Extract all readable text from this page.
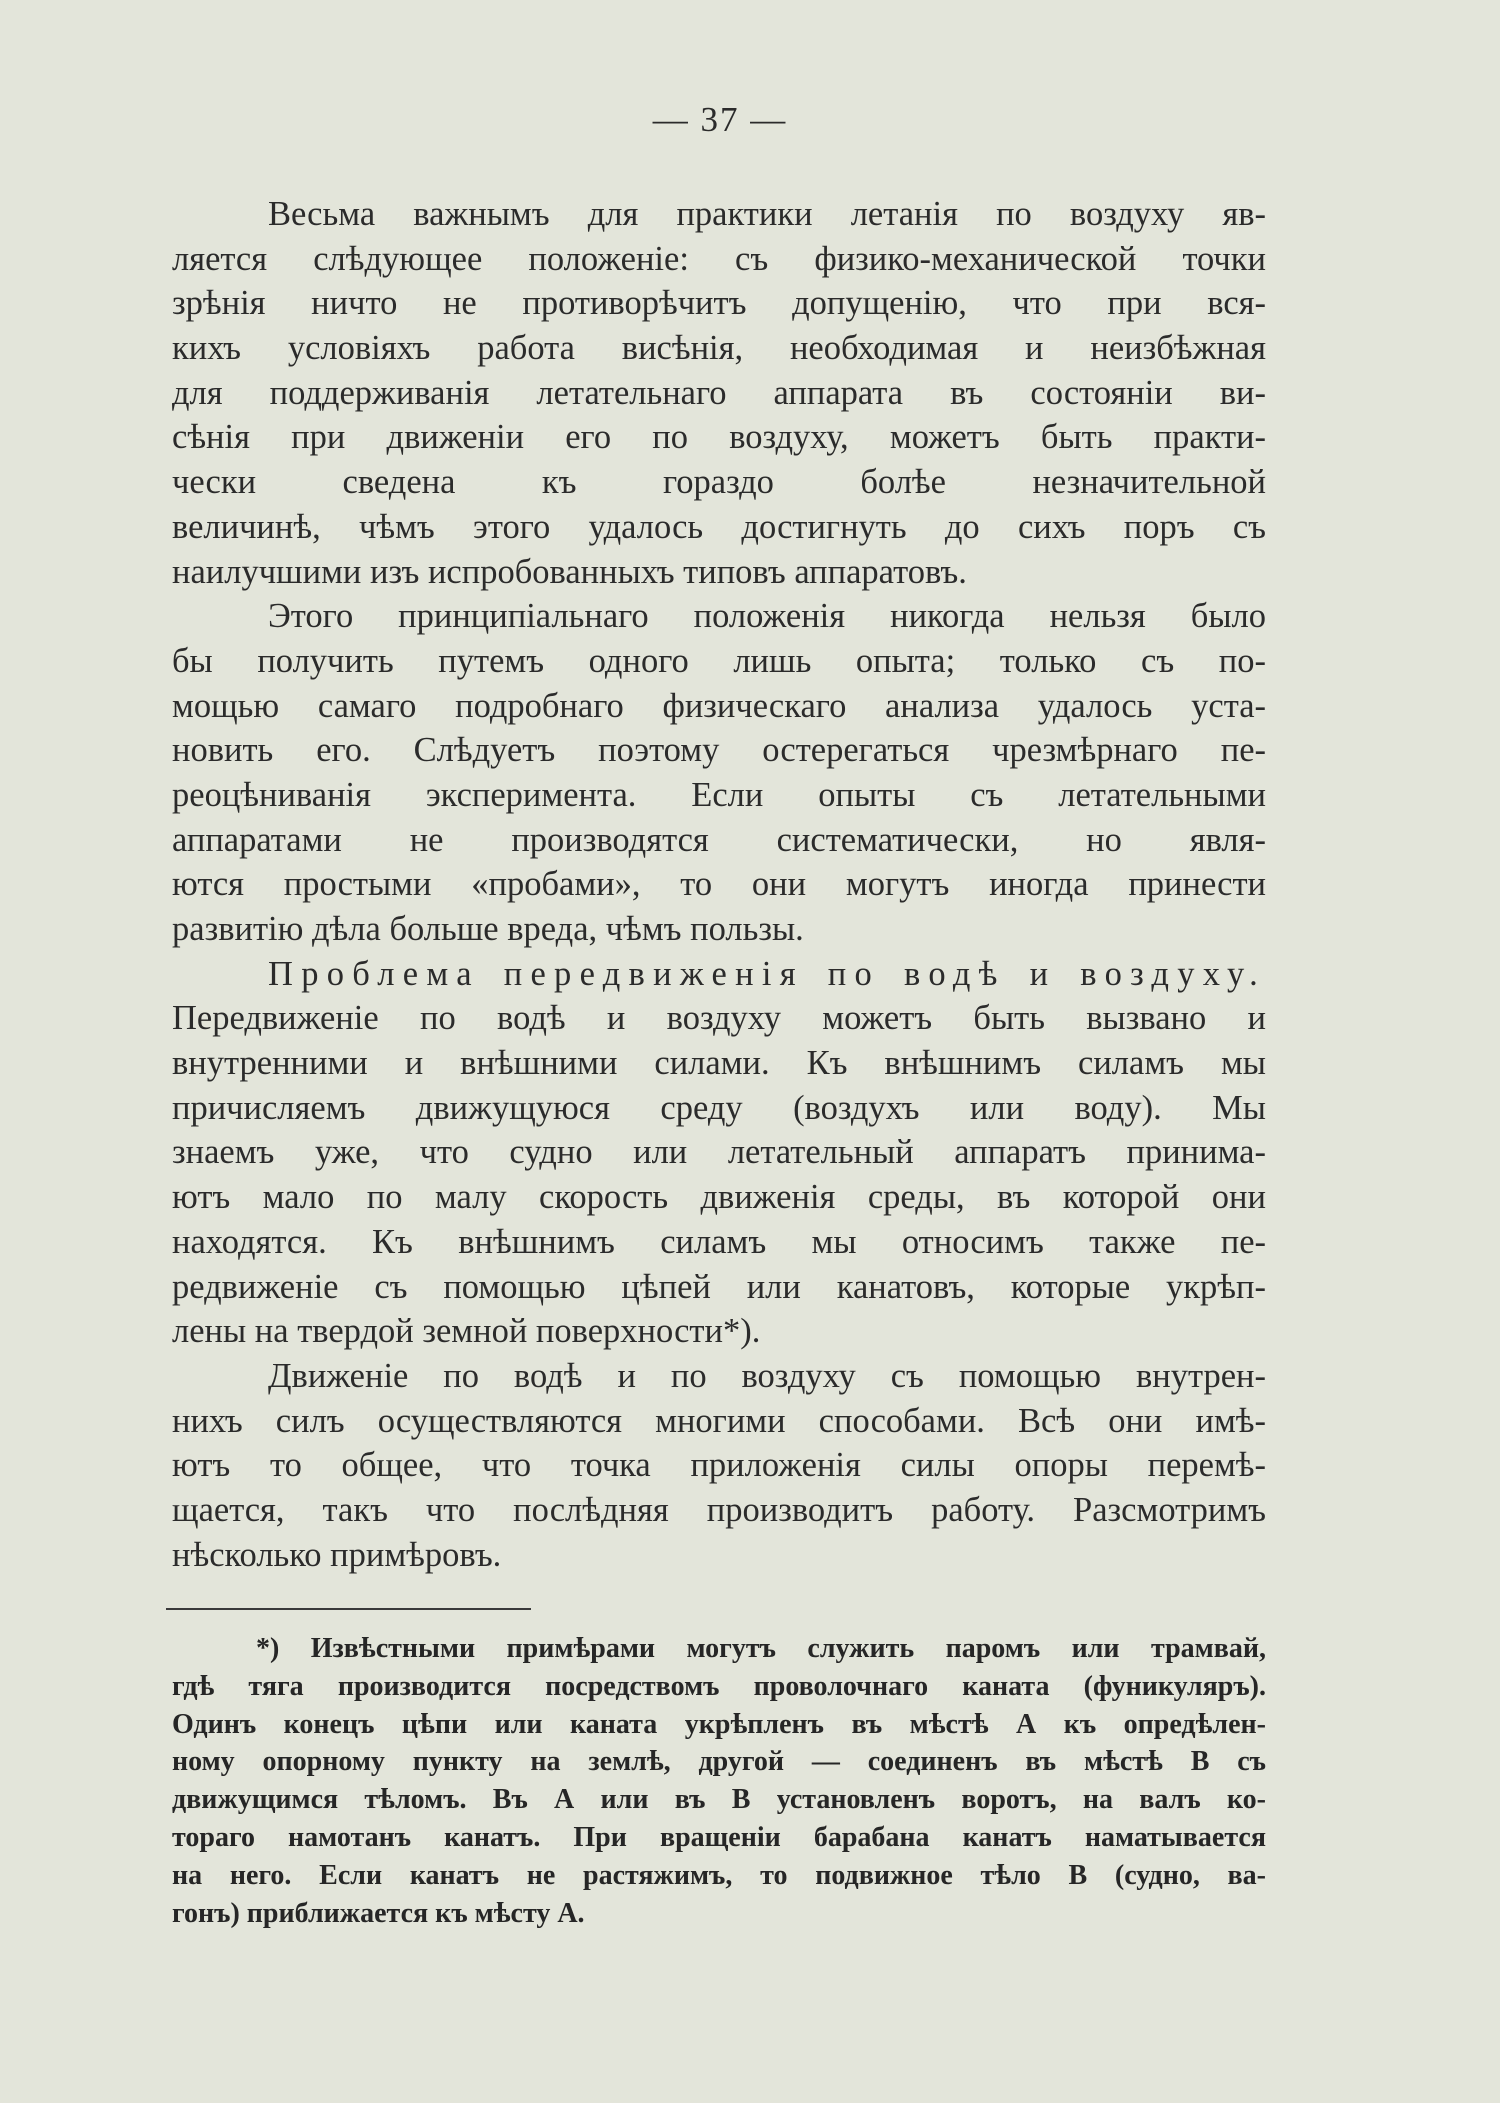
— 37 —
Весьма важнымъ для практики летанія по воздуху яв-
ляется слѣдующее положеніе: съ физико-механической точки
зрѣнія ничто не противорѣчитъ допущенію, что при вся-
кихъ условіяхъ работа висѣнія, необходимая и неизбѣжная
для поддерживанія летательнаго аппарата въ состояніи ви-
сѣнія при движеніи его по воздуху, можетъ быть практи-
чески сведена къ гораздо болѣе незначительной
величинѣ, чѣмъ этого удалось достигнуть до сихъ поръ съ
наилучшими изъ испробованныхъ типовъ аппаратовъ.
Этого принципіальнаго положенія никогда нельзя было
бы получить путемъ одного лишь опыта; только съ по-
мощью самаго подробнаго физическаго анализа удалось уста-
новить его. Слѣдуетъ поэтому остерегаться чрезмѣрнаго пе-
реоцѣниванія эксперимента. Если опыты съ летательными
аппаратами не производятся систематически, но явля-
ются простыми «пробами», то они могутъ иногда принести
развитію дѣла больше вреда, чѣмъ пользы.
Проблема передвиженія по водѣ и воздуху.
Передвиженіе по водѣ и воздуху можетъ быть вызвано и
внутренними и внѣшними силами. Къ внѣшнимъ силамъ мы
причисляемъ движущуюся среду (воздухъ или воду). Мы
знаемъ уже, что судно или летательный аппаратъ принима-
ютъ мало по малу скорость движенія среды, въ которой они
находятся. Къ внѣшнимъ силамъ мы относимъ также пе-
редвиженіе съ помощью цѣпей или канатовъ, которые укрѣп-
лены на твердой земной поверхности*).
Движеніе по водѣ и по воздуху съ помощью внутрен-
нихъ силъ осуществляются многими способами. Всѣ они имѣ-
ютъ то общее, что точка приложенія силы опоры перемѣ-
щается, такъ что послѣдняя производитъ работу. Разсмотримъ
нѣсколько примѣровъ.
*) Извѣстными примѣрами могутъ служить паромъ или трамвай,
гдѣ тяга производится посредствомъ проволочнаго каната (фуникуляръ).
Одинъ конецъ цѣпи или каната укрѣпленъ въ мѣстѣ А къ опредѣлен-
ному опорному пункту на землѣ, другой — соединенъ въ мѣстѣ В съ
движущимся тѣломъ. Въ А или въ В установленъ воротъ, на валъ ко-
тораго намотанъ канатъ. При вращеніи барабана канатъ наматывается
на него. Если канатъ не растяжимъ, то подвижное тѣло В (судно, ва-
гонъ) приближается къ мѣсту А.
